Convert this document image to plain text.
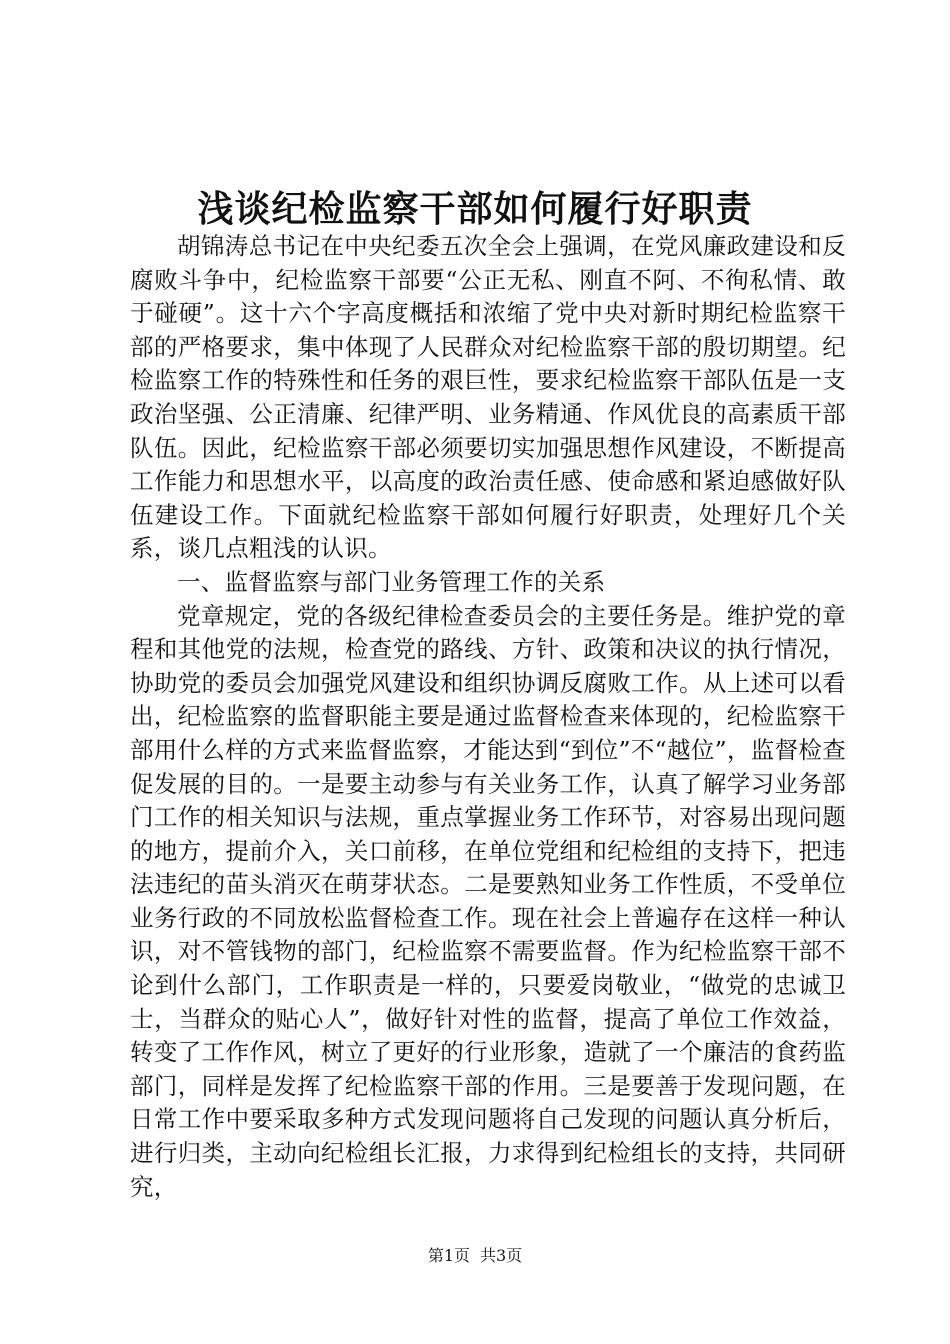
浅谈纪检监察干部如何履行好职责

胡锦涛总书记在中央纪委五次全会上强调，在党风廉政建设和反腐败斗争中，纪检监察干部要“公正无私、刚直不阿、不徇私情、敢于碰硬”。这十六个字高度概括和浓缩了党中央对新时期纪检监察干部的严格要求，集中体现了人民群众对纪检监察干部的殷切期望。纪检监察工作的特殊性和任务的艰巨性，要求纪检监察干部队伍是一支政治坚强、公正清廉、纪律严明、业务精通、作风优良的高素质干部队伍。因此，纪检监察干部必须要切实加强思想作风建设，不断提高工作能力和思想水平，以高度的政治责任感、使命感和紧迫感做好队伍建设工作。下面就纪检监察干部如何履行好职责，处理好几个关系，谈几点粗浅的认识。

一、监督监察与部门业务管理工作的关系

党章规定，党的各级纪律检查委员会的主要任务是。维护党的章程和其他党的法规，检查党的路线、方针、政策和决议的执行情况，协助党的委员会加强党风建设和组织协调反腐败工作。从上述可以看出，纪检监察的监督职能主要是通过监督检查来体现的，纪检监察干部用什么样的方式来监督监察，才能达到“到位”不“越位”，监督检查促发展的目的。一是要主动参与有关业务工作，认真了解学习业务部门工作的相关知识与法规，重点掌握业务工作环节，对容易出现问题的地方，提前介入，关口前移，在单位党组和纪检组的支持下，把违法违纪的苗头消灭在萌芽状态。二是要熟知业务工作性质，不受单位业务行政的不同放松监督检查工作。现在社会上普遍存在这样一种认识，对不管钱物的部门，纪检监察不需要监督。作为纪检监察干部不论到什么部门，工作职责是一样的，只要爱岗敬业，“做党的忠诚卫士，当群众的贴心人”，做好针对性的监督，提高了单位工作效益，转变了工作作风，树立了更好的行业形象，造就了一个廉洁的食药监部门，同样是发挥了纪检监察干部的作用。三是要善于发现问题，在日常工作中要采取多种方式发现问题将自己发现的问题认真分析后，进行归类，主动向纪检组长汇报，力求得到纪检组长的支持，共同研究，

第1页 共3页
